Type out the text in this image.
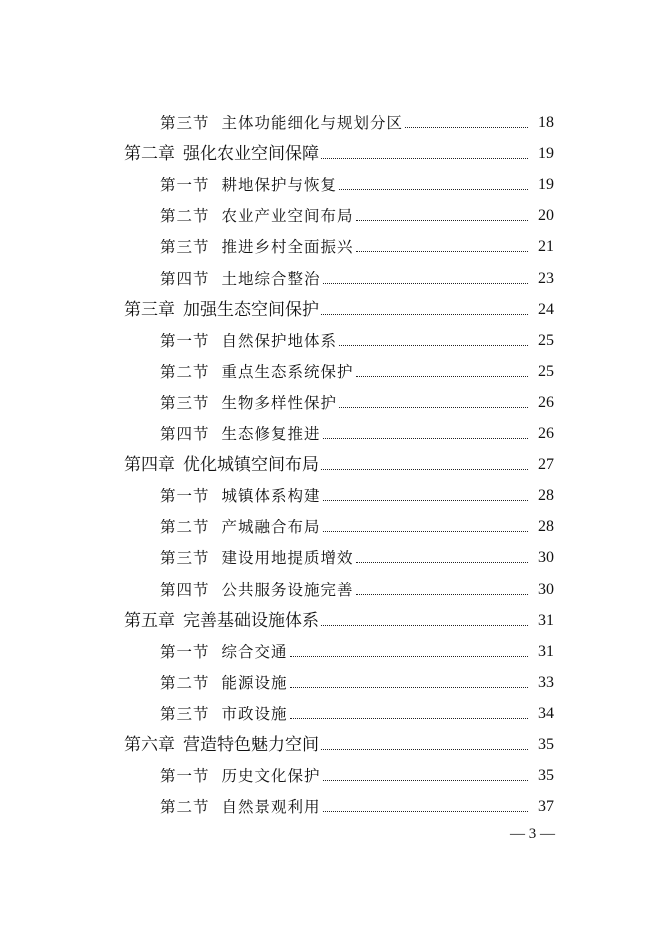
第三节 主体功能细化与规划分区	18
第二章 强化农业空间保障	19
第一节 耕地保护与恢复	19
第二节 农业产业空间布局	20
第三节 推进乡村全面振兴	21
第四节 土地综合整治	23
第三章 加强生态空间保护	24
第一节 自然保护地体系	25
第二节 重点生态系统保护	25
第三节 生物多样性保护	26
第四节 生态修复推进	26
第四章 优化城镇空间布局	27
第一节 城镇体系构建	28
第二节 产城融合布局	28
第三节 建设用地提质增效	30
第四节 公共服务设施完善	30
第五章 完善基础设施体系	31
第一节 综合交通	31
第二节 能源设施	33
第三节 市政设施	34
第六章 营造特色魅力空间	35
第一节 历史文化保护	35
第二节 自然景观利用	37
— 3 —
